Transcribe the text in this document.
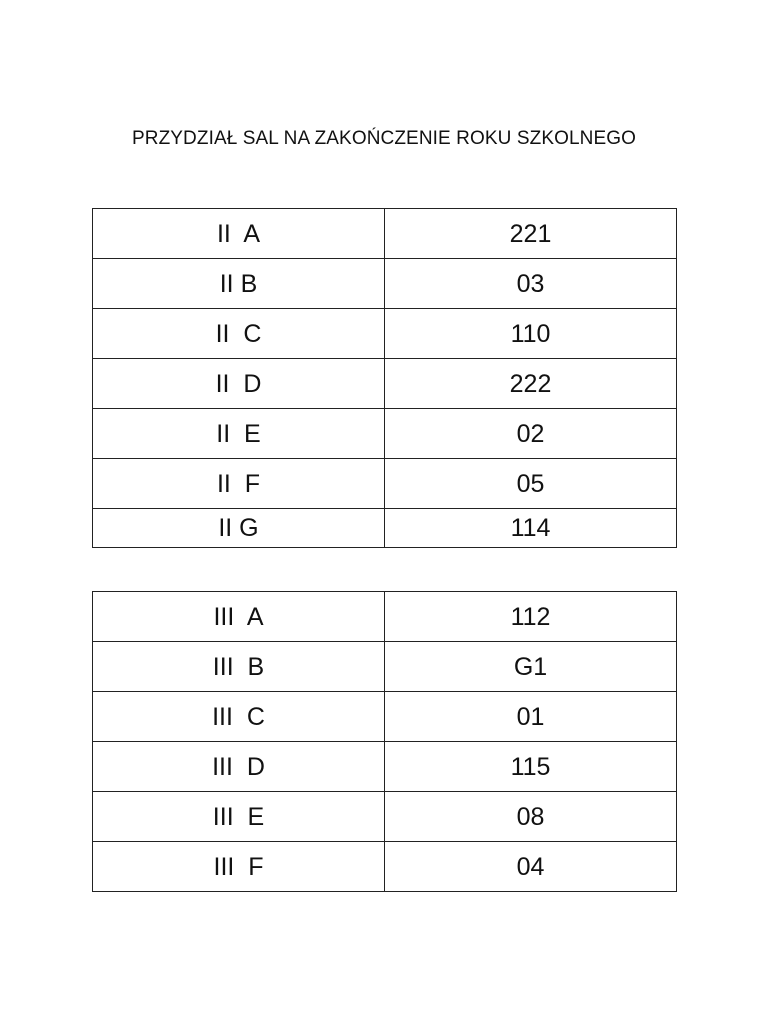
PRZYDZIAŁ SAL NA ZAKOŃCZENIE ROKU SZKOLNEGO
II  A	221
II B	03
II  C	110
II  D	222
II  E	02
II  F	05
II G	114
III  A	112
III  B	G1
III  C	01
III  D	115
III  E	08
III  F	04
